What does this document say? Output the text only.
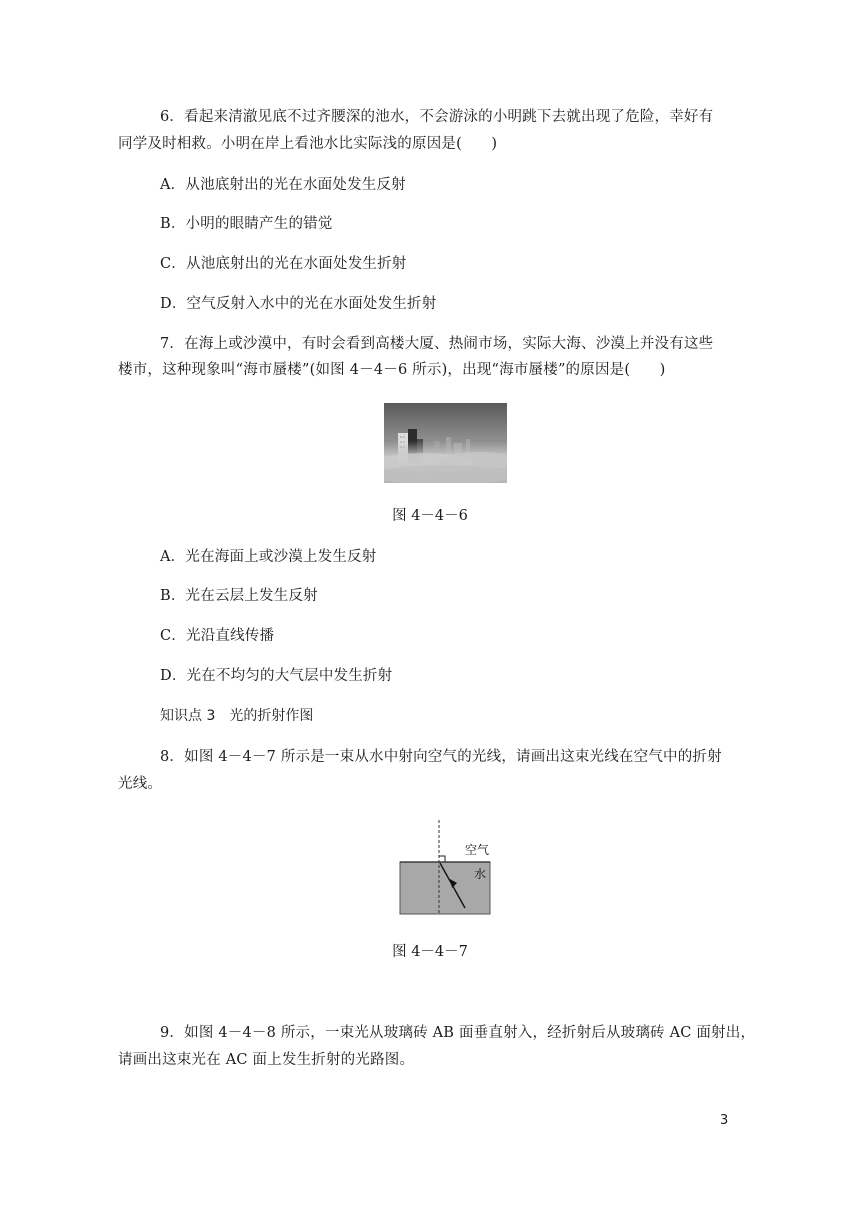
6．看起来清澈见底不过齐腰深的池水，不会游泳的小明跳下去就出现了危险，幸好有
同学及时相救。小明在岸上看池水比实际浅的原因是(　　)
A．从池底射出的光在水面处发生反射
B．小明的眼睛产生的错觉
C．从池底射出的光在水面处发生折射
D．空气反射入水中的光在水面处发生折射
7．在海上或沙漠中，有时会看到高楼大厦、热闹市场，实际大海、沙漠上并没有这些
楼市，这种现象叫“海市蜃楼”(如图 4－4－6 所示)，出现“海市蜃楼”的原因是(　　)
图 4－4－6
A．光在海面上或沙漠上发生反射
B．光在云层上发生反射
C．光沿直线传播
D．光在不均匀的大气层中发生折射
知识点 3　光的折射作图
8．如图 4－4－7 所示是一束从水中射向空气的光线，请画出这束光线在空气中的折射
光线。
空气
水
图 4－4－7
9．如图 4－4－8 所示，一束光从玻璃砖 AB 面垂直射入，经折射后从玻璃砖 AC 面射出，
请画出这束光在 AC 面上发生折射的光路图。
3
